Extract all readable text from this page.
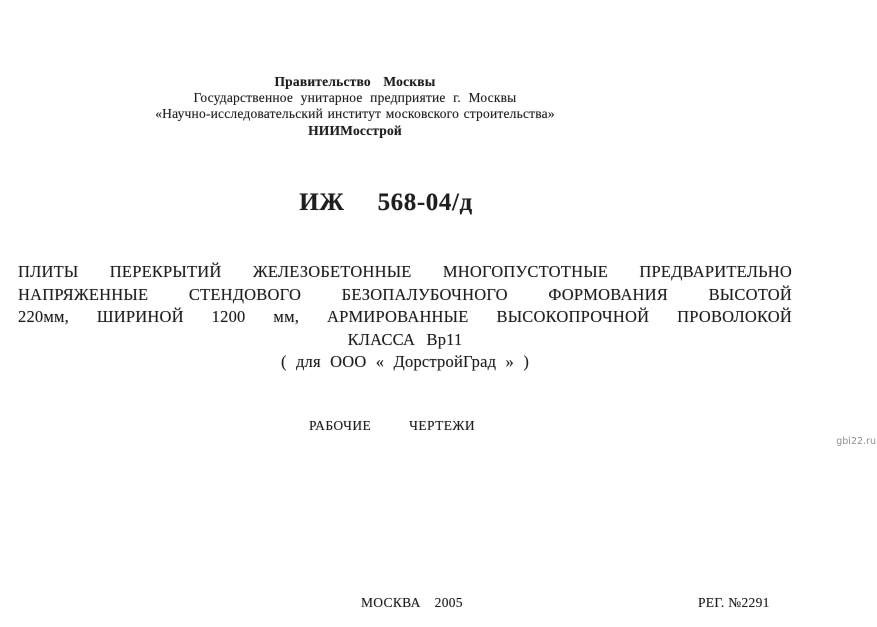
Правительство Москвы
Государственное унитарное предприятие г. Москвы
«Научно-исследовательский институт московского строительства»
НИИМосстрой
ИЖ 568-04/д
ПЛИТЫ ПЕРЕКРЫТИЙ ЖЕЛЕЗОБЕТОННЫЕ МНОГОПУСТОТНЫЕ ПРЕДВАРИТЕЛЬНО
НАПРЯЖЕННЫЕ СТЕНДОВОГО БЕЗОПАЛУБОЧНОГО ФОРМОВАНИЯ ВЫСОТОЙ
220мм, ШИРИНОЙ 1200 мм, АРМИРОВАННЫЕ ВЫСОКОПРОЧНОЙ ПРОВОЛОКОЙ
КЛАССА Вр11
( для ООО « ДорстройГрад » )
РАБОЧИЕ	ЧЕРТЕЖИ
gbi22.ru
МОСКВА 2005	РЕГ. №2291
